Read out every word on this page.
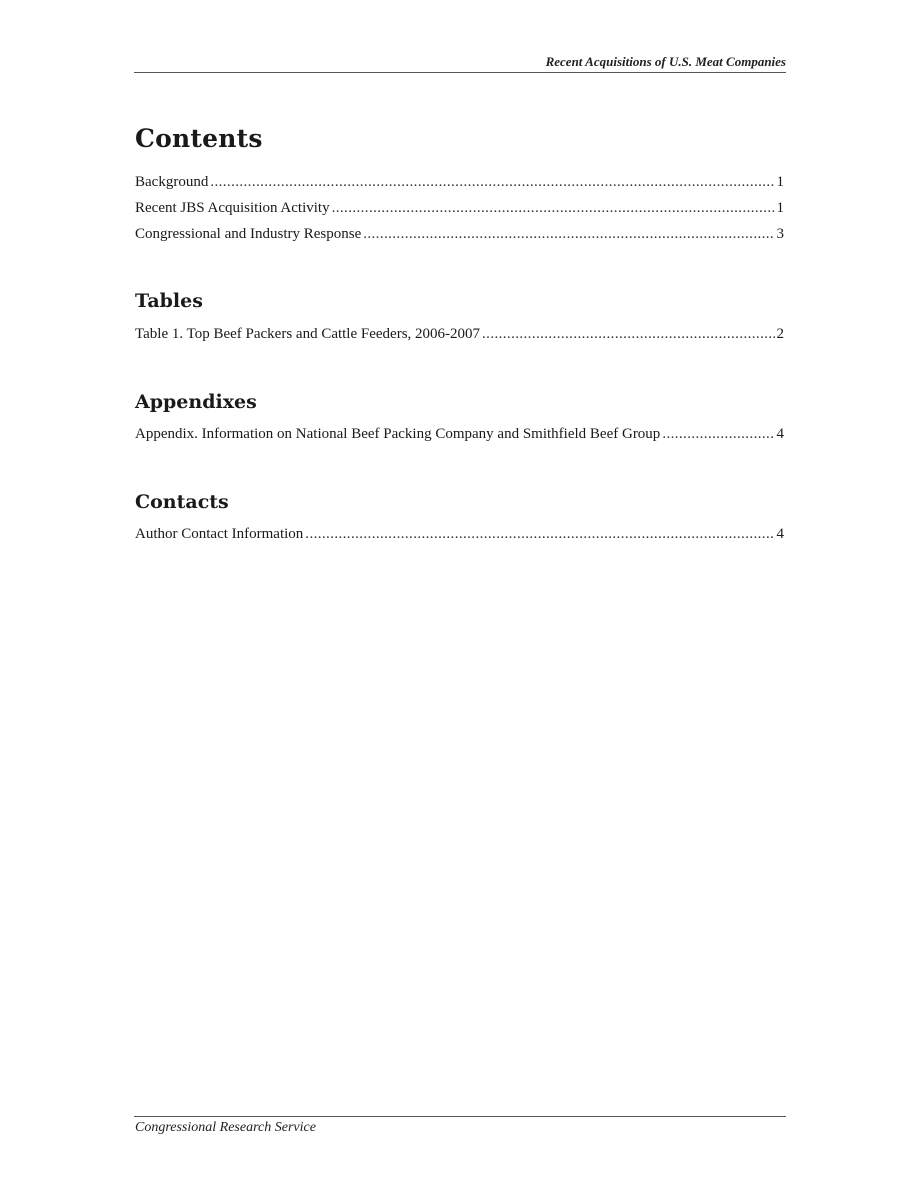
Recent Acquisitions of U.S. Meat Companies
Contents
Background .....	1
Recent JBS Acquisition Activity .....	1
Congressional and Industry Response .....	3
Tables
Table 1. Top Beef Packers and Cattle Feeders, 2006-2007 .....	2
Appendixes
Appendix. Information on National Beef Packing Company and Smithfield Beef Group .....	4
Contacts
Author Contact Information .....	4
Congressional Research Service
